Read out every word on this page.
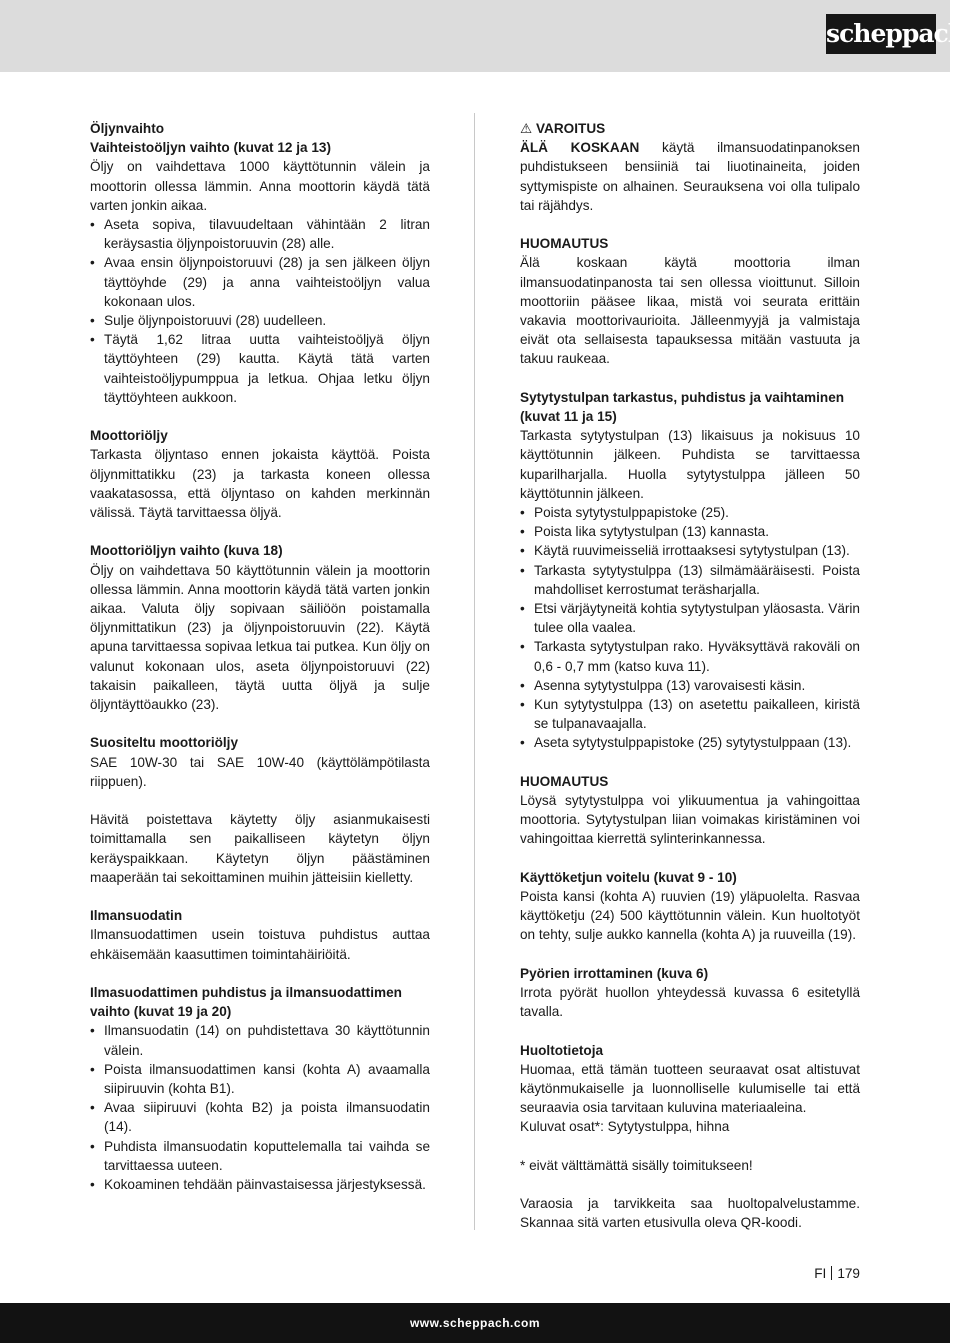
scheppach

Öljynvaihto

Vaihteistoöljyn vaihto (kuvat 12 ja 13)

Öljy on vaihdettava 1000 käyttötunnin välein ja moottorin ollessa lämmin. Anna moottorin käydä tätä varten jonkin aikaa.

• Aseta sopiva, tilavuudeltaan vähintään 2 litran keräysastia öljynpoistoruuvin (28) alle.
• Avaa ensin öljynpoistoruuvi (28) ja sen jälkeen öljyn täyttöyhde (29) ja anna vaihteistoöljyn valua kokonaan ulos.
• Sulje öljynpoistoruuvi (28) uudelleen.
• Täytä 1,62 litraa uutta vaihteistoöljyä öljyn täyttöyhteen (29) kautta. Käytä tätä varten vaihteistoöljypumppua ja letkua. Ohjaa letku öljyn täyttöyhteen aukkoon.

Moottoriöljy

Tarkasta öljyntaso ennen jokaista käyttöä. Poista öljynmittatikku (23) ja tarkasta koneen ollessa vaakatasossa, että öljyntaso on kahden merkinnän välissä. Täytä tarvittaessa öljyä.

Moottoriöljyn vaihto (kuva 18)

Öljy on vaihdettava 50 käyttötunnin välein ja moottorin ollessa lämmin. Anna moottorin käydä tätä varten jonkin aikaa. Valuta öljy sopivaan säiliöön poistamalla öljynmittatikun (23) ja öljynpoistoruuvin (22). Käytä apuna tarvittaessa sopivaa letkua tai putkea. Kun öljy on valunut kokonaan ulos, aseta öljynpoistoruuvi (22) takaisin paikalleen, täytä uutta öljyä ja sulje öljyntäyttöaukko (23).

Suositeltu moottoriöljy

SAE 10W-30 tai SAE 10W-40 (käyttölämpötilasta riippuen).

Hävitä poistettava käytetty öljy asianmukaisesti toimittamalla sen paikalliseen käytetyn öljyn keräyspaikkaan. Käytetyn öljyn päästäminen maaperään tai sekoittaminen muihin jätteisiin kielletty.

Ilmansuodatin

Ilmansuodattimen usein toistuva puhdistus auttaa ehkäisemään kaasuttimen toimintahäiriöitä.

Ilmasuodattimen puhdistus ja ilmansuodattimen vaihto (kuvat 19 ja 20)

• Ilmansuodatin (14) on puhdistettava 30 käyttötunnin välein.
• Poista ilmansuodattimen kansi (kohta A) avaamalla siipiruuvin (kohta B1).
• Avaa siipiruuvi (kohta B2) ja poista ilmansuodatin (14).
• Puhdista ilmansuodatin koputtelemalla tai vaihda se tarvittaessa uuteen.
• Kokoaminen tehdään päinvastaisessa järjestyksessä.

⚠ VAROITUS

ÄLÄ KOSKAAN käytä ilmansuodatinpanoksen puhdistukseen bensiiniä tai liuotinaineita, joiden syttymispiste on alhainen. Seurauksena voi olla tulipalo tai räjähdys.

HUOMAUTUS

Älä koskaan käytä moottoria ilman ilmansuodatinpanosta tai sen ollessa vioittunut. Silloin moottoriin pääsee likaa, mistä voi seurata erittäin vakavia moottorivaurioita. Jälleenmyyjä ja valmistaja eivät ota sellaisesta tapauksessa mitään vastuuta ja takuu raukeaa.

Sytytystulpan tarkastus, puhdistus ja vaihtaminen (kuvat 11 ja 15)

Tarkasta sytytystulpan (13) likaisuus ja nokisuus 10 käyttötunnin jälkeen. Puhdista se tarvittaessa kuparilharjalla. Huolla sytytystulppa jälleen 50 käyttötunnin jälkeen.

• Poista sytytystulppapistoke (25).
• Poista lika sytytystulpan (13) kannasta.
• Käytä ruuvimeisseliä irrottaaksesi sytytystulpan (13).
• Tarkasta sytytystulppa (13) silmämääräisesti. Poista mahdolliset kerrostumat teräsharjalla.
• Etsi värjäytyneitä kohtia sytytystulpan yläosasta. Värin tulee olla vaalea.
• Tarkasta sytytystulpan rako. Hyväksyttävä rakoväli on 0,6 - 0,7 mm (katso kuva 11).
• Asenna sytytystulppa (13) varovaisesti käsin.
• Kun sytytystulppa (13) on asetettu paikalleen, kiristä se tulpanavaajalla.
• Aseta sytytystulppapistoke (25) sytytystulppaan (13).

HUOMAUTUS

Löysä sytytystulppa voi ylikuumentua ja vahingoittaa moottoria. Sytytystulpan liian voimakas kiristäminen voi vahingoittaa kierrettä sylinterinkannessa.

Käyttöketjun voitelu (kuvat 9 - 10)

Poista kansi (kohta A) ruuvien (19) yläpuolelta. Rasvaa käyttöketju (24) 500 käyttötunnin välein. Kun huoltotyöt on tehty, sulje aukko kannella (kohta A) ja ruuveilla (19).

Pyörien irrottaminen (kuva 6)

Irrota pyörät huollon yhteydessä kuvassa 6 esitetyllä tavalla.

Huoltotietoja

Huomaa, että tämän tuotteen seuraavat osat altistuvat käytönmukaiselle ja luonnolliselle kulumiselle tai että seuraavia osia tarvitaan kuluvina materiaaleina.

Kuluvat osat*: Sytytystulppa, hihna

* eivät välttämättä sisälly toimitukseen!

Varaosia ja tarvikkeita saa huoltopalvelustamme. Skannaa sitä varten etusivulla oleva QR-koodi.

FI 179
www.scheppach.com
